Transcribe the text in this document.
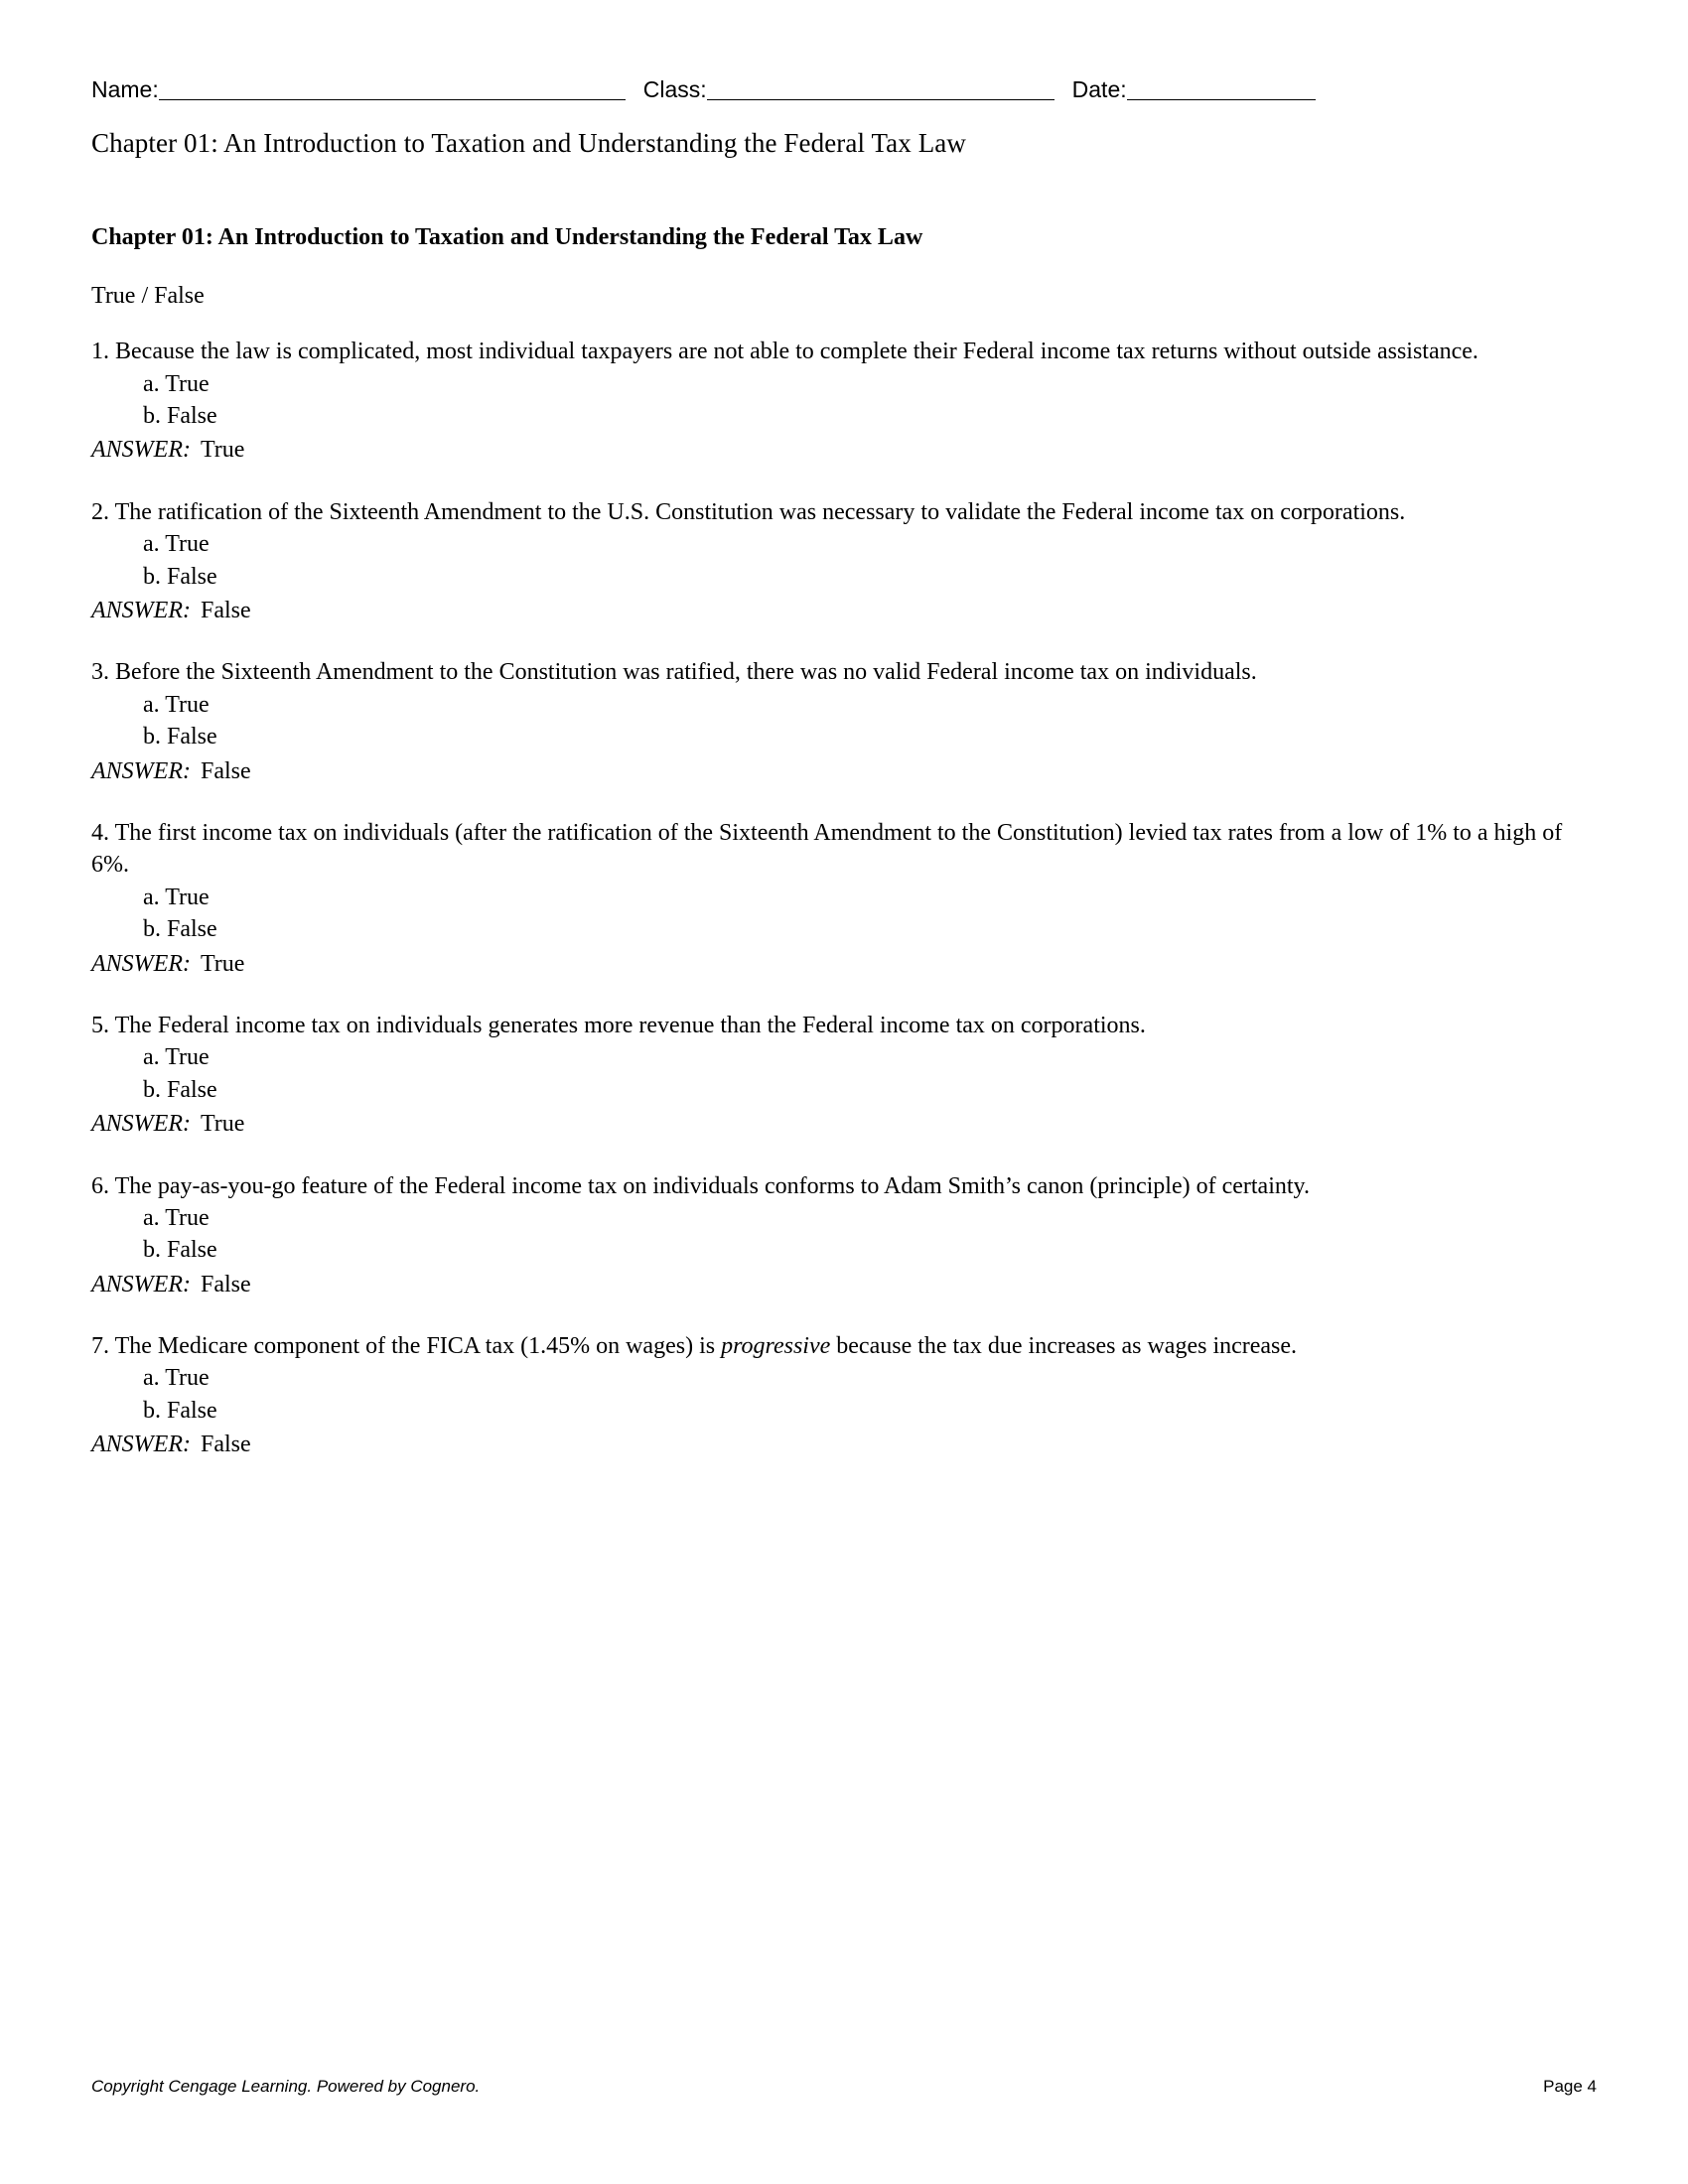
Name:	Class:	Date:
Chapter 01: An Introduction to Taxation and Understanding the Federal Tax Law
Chapter 01: An Introduction to Taxation and Understanding the Federal Tax Law
True / False

1. Because the law is complicated, most individual taxpayers are not able to complete their Federal income tax returns without outside assistance.

a. True

b. False

ANSWER: True

2. The ratification of the Sixteenth Amendment to the U.S. Constitution was necessary to validate the Federal income tax on corporations.

a. True

b. False

ANSWER: False

3. Before the Sixteenth Amendment to the Constitution was ratified, there was no valid Federal income tax on individuals.

a. True

b. False

ANSWER: False

4. The first income tax on individuals (after the ratification of the Sixteenth Amendment to the Constitution) levied tax rates from a low of 1% to a high of 6%.

a. True

b. False

ANSWER: True

5. The Federal income tax on individuals generates more revenue than the Federal income tax on corporations.

a. True

b. False

ANSWER: True

6. The pay-as-you-go feature of the Federal income tax on individuals conforms to Adam Smith’s canon (principle) of certainty.

a. True

b. False

ANSWER: False

7. The Medicare component of the FICA tax (1.45% on wages) is progressive because the tax due increases as wages increase.

a. True

b. False

ANSWER: False

Copyright Cengage Learning. Powered by Cognero.	Page 4
